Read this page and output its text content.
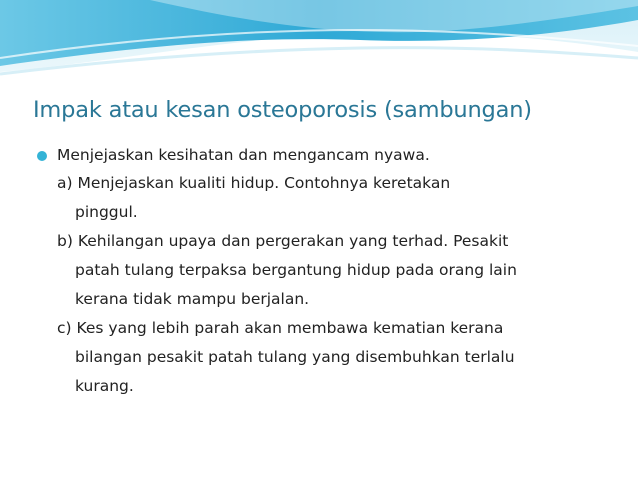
Impak atau kesan osteoporosis (sambungan)
Menjejaskan kesihatan dan mengancam nyawa.
a) Menjejaskan kualiti hidup. Contohnya keretakan
pinggul.
b) Kehilangan upaya dan pergerakan yang terhad. Pesakit
patah tulang terpaksa bergantung hidup pada orang lain
kerana tidak mampu berjalan.
c) Kes yang lebih parah akan membawa kematian kerana
bilangan pesakit patah tulang yang disembuhkan terlalu
kurang.
